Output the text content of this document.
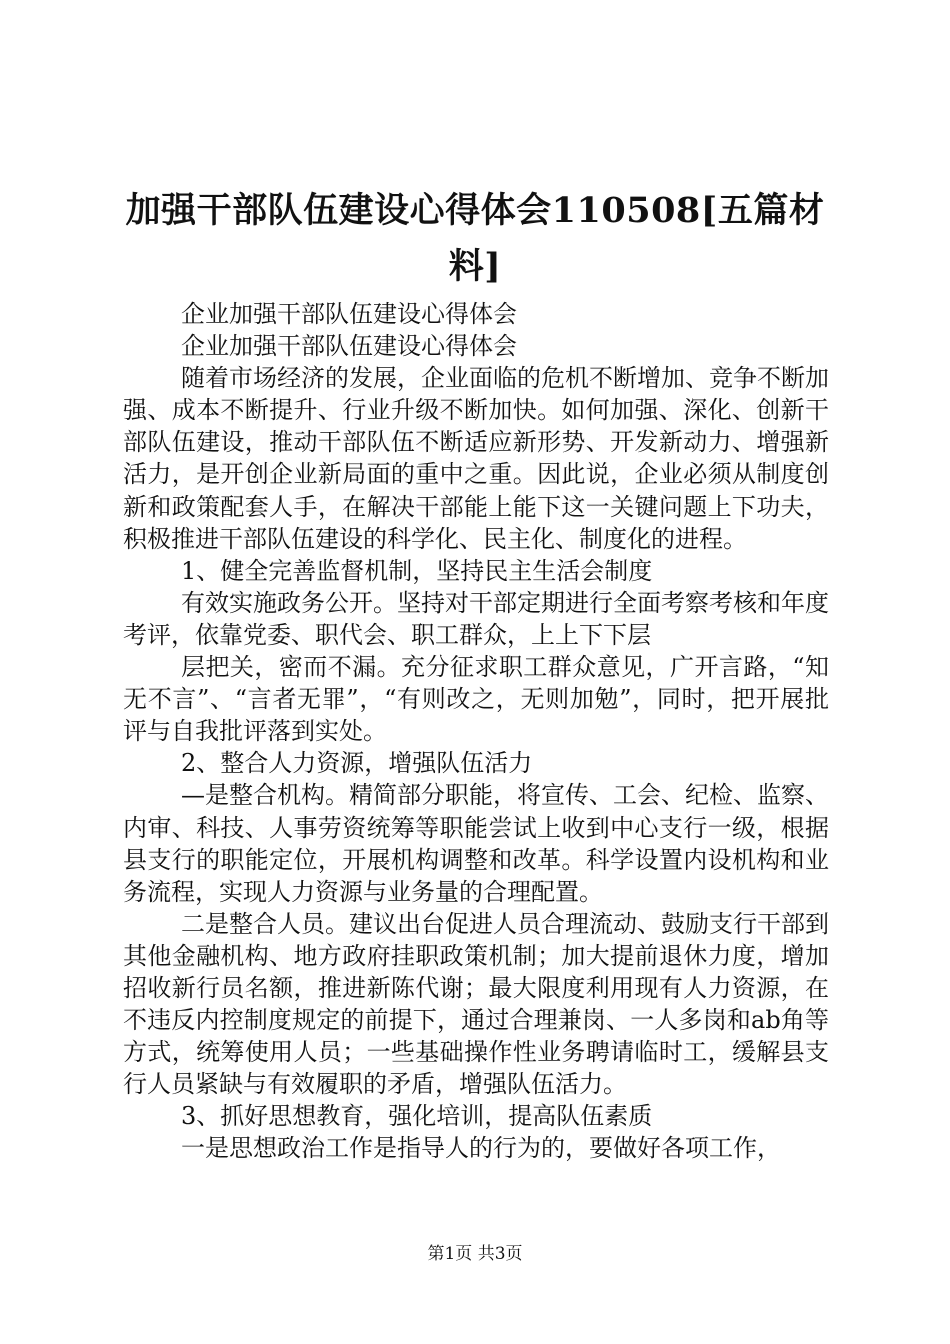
加强干部队伍建设心得体会110508[五篇材料]

企业加强干部队伍建设心得体会

企业加强干部队伍建设心得体会

随着市场经济的发展，企业面临的危机不断增加、竞争不断加强、成本不断提升、行业升级不断加快。如何加强、深化、创新干部队伍建设，推动干部队伍不断适应新形势、开发新动力、增强新活力，是开创企业新局面的重中之重。因此说，企业必须从制度创新和政策配套人手，在解决干部能上能下这一关键问题上下功夫，积极推进干部队伍建设的科学化、民主化、制度化的进程。

1、健全完善监督机制，坚持民主生活会制度

有效实施政务公开。坚持对干部定期进行全面考察考核和年度考评，依靠党委、职代会、职工群众，上上下下层

层把关，密而不漏。充分征求职工群众意见，广开言路，“知无不言”、“言者无罪”，“有则改之，无则加勉”，同时，把开展批评与自我批评落到实处。

2、整合人力资源，增强队伍活力

—是整合机构。精简部分职能，将宣传、工会、纪检、监察、内审、科技、人事劳资统筹等职能尝试上收到中心支行一级，根据县支行的职能定位，开展机构调整和改革。科学设置内设机构和业务流程，实现人力资源与业务量的合理配置。

二是整合人员。建议出台促进人员合理流动、鼓励支行干部到其他金融机构、地方政府挂职政策机制；加大提前退休力度，增加招收新行员名额，推进新陈代谢；最大限度利用现有人力资源，在不违反内控制度规定的前提下，通过合理兼岗、一人多岗和ab角等方式，统筹使用人员；一些基础操作性业务聘请临时工，缓解县支行人员紧缺与有效履职的矛盾，增强队伍活力。

3、抓好思想教育，强化培训，提高队伍素质

一是思想政治工作是指导人的行为的，要做好各项工作，

第1页 共3页
